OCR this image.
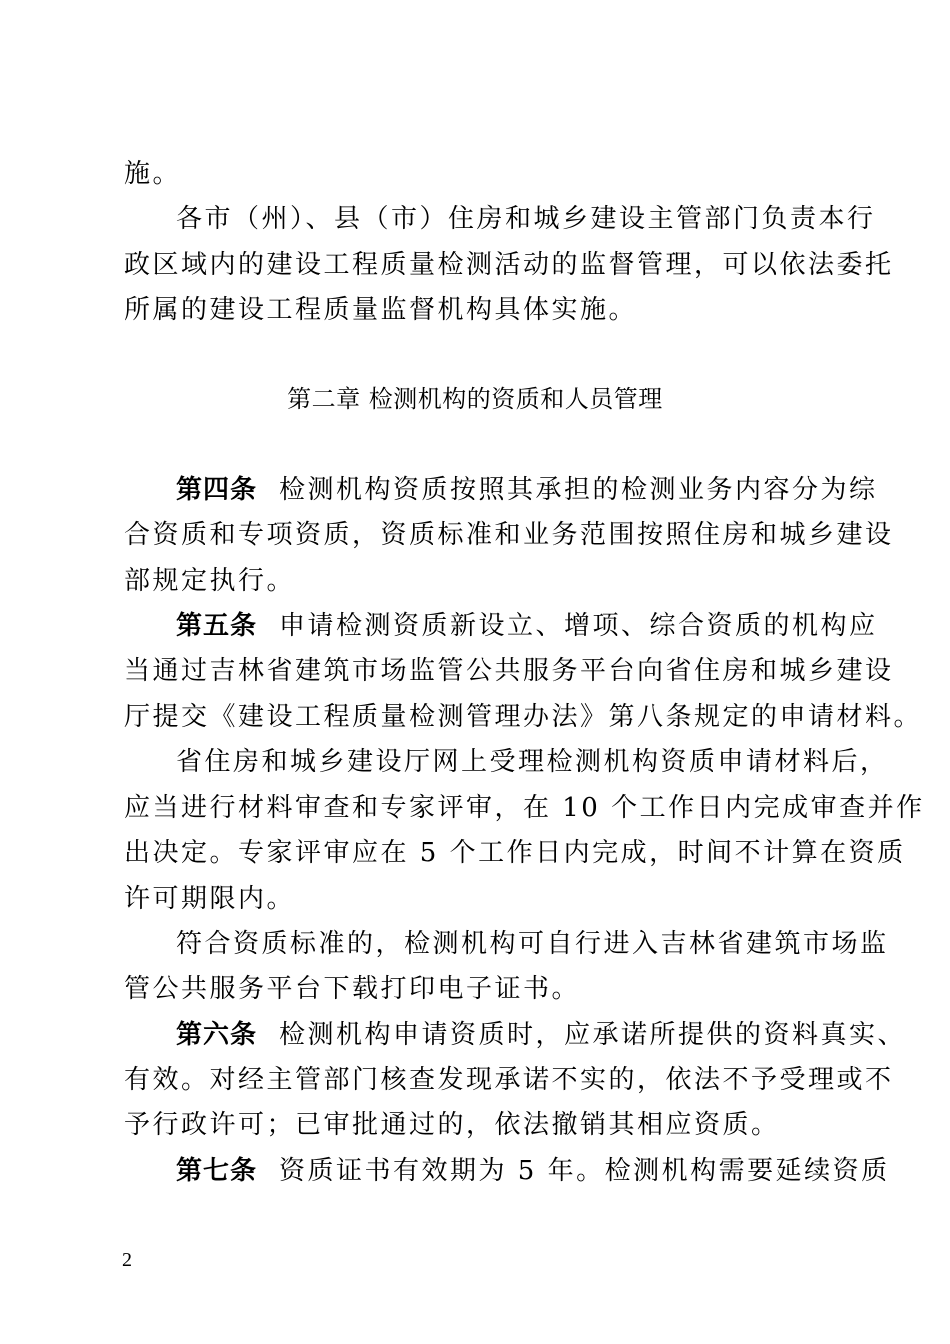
施。
各市（州）、县（市）住房和城乡建设主管部门负责本行
政区域内的建设工程质量检测活动的监督管理，可以依法委托
所属的建设工程质量监督机构具体实施。
第二章 检测机构的资质和人员管理
第四条 检测机构资质按照其承担的检测业务内容分为综
合资质和专项资质，资质标准和业务范围按照住房和城乡建设
部规定执行。
第五条 申请检测资质新设立、增项、综合资质的机构应
当通过吉林省建筑市场监管公共服务平台向省住房和城乡建设
厅提交《建设工程质量检测管理办法》第八条规定的申请材料。
省住房和城乡建设厅网上受理检测机构资质申请材料后，
应当进行材料审查和专家评审，在 10 个工作日内完成审查并作
出决定。专家评审应在 5 个工作日内完成，时间不计算在资质
许可期限内。
符合资质标准的，检测机构可自行进入吉林省建筑市场监
管公共服务平台下载打印电子证书。
第六条 检测机构申请资质时，应承诺所提供的资料真实、
有效。对经主管部门核查发现承诺不实的，依法不予受理或不
予行政许可；已审批通过的，依法撤销其相应资质。
第七条 资质证书有效期为 5 年。检测机构需要延续资质
2
